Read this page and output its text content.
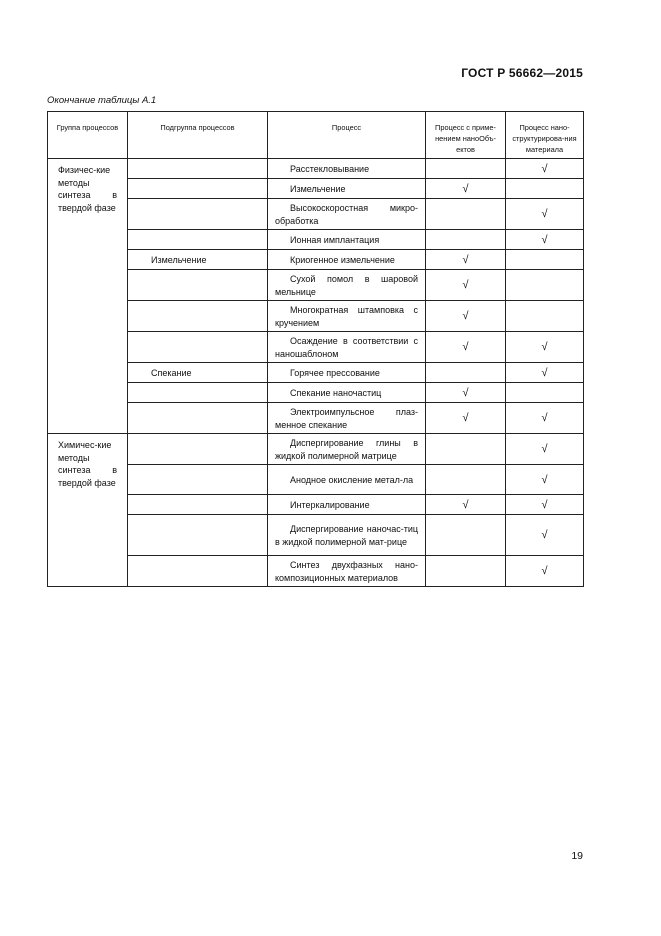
ГОСТ Р 56662—2015
Окончание таблицы А.1
Группа процессов	Подгруппа процессов	Процесс	Процесс с приме-нением наноОбъ-ектов	Процесс нано-структурирова-ния материала
Физичес-кие методы синтеза в твердой фазе		Расстекловывание		√
		Измельчение	√	
		Высокоскоростная микро-обработка		√
		Ионная имплантация		√
	Измельчение	Криогенное измельчение	√	
		Сухой помол в шаровой мельнице	√	
		Многократная штамповка с кручением	√	
		Осаждение в соответствии с наношаблоном	√	√
	Спекание	Горячее прессование		√
		Спекание наночастиц	√	
		Электроимпульсное плаз-менное спекание	√	√
Химичес-кие методы синтеза в твердой фазе		Диспергирование глины в жидкой полимерной матрице		√
		Анодное окисление метал-ла		√
		Интеркалирование	√	√
		Диспергирование наночас-тиц в жидкой полимерной мат-рице		√
		Синтез двухфазных нано-композиционных материалов		√
19
